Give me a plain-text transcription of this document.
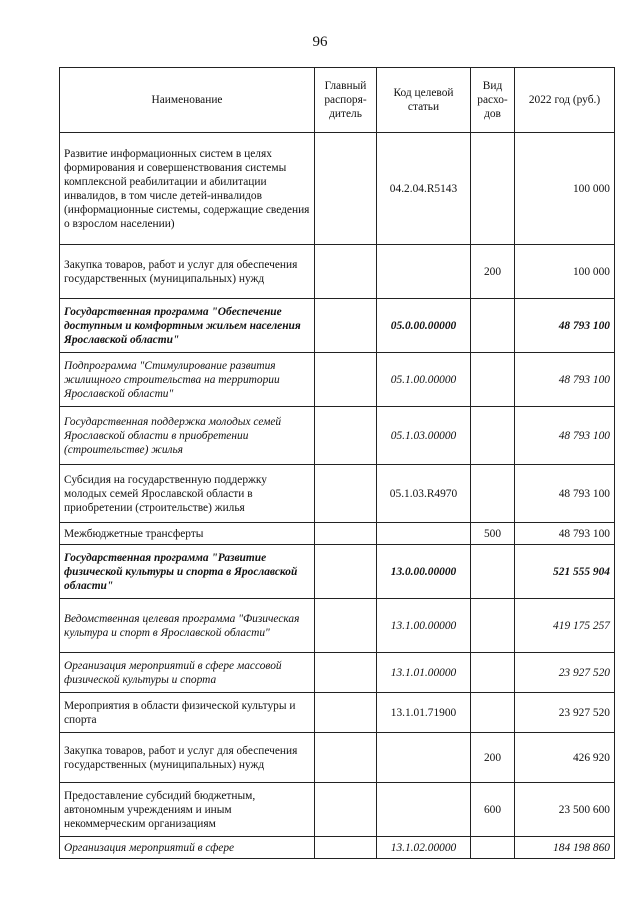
96
Наименование	Главный распоря-дитель	Код целевой статьи	Вид расхо-дов	2022 год (руб.)
Развитие информационных систем в целях формирования и совершенствования системы комплексной реабилитации и абилитации инвалидов, в том числе детей-инвалидов (информационные системы, содержащие сведения о взрослом населении)		04.2.04.R5143		100 000
Закупка товаров, работ и услуг для обеспечения государственных (муниципальных) нужд			200	100 000
Государственная программа "Обеспечение доступным и комфортным жильем населения Ярославской области"		05.0.00.00000		48 793 100
Подпрограмма "Стимулирование развития жилищного строительства на территории Ярославской области"		05.1.00.00000		48 793 100
Государственная поддержка молодых семей Ярославской области в приобретении (строительстве) жилья		05.1.03.00000		48 793 100
Субсидия на государственную поддержку молодых семей Ярославской области в приобретении (строительстве) жилья		05.1.03.R4970		48 793 100
Межбюджетные трансферты			500	48 793 100
Государственная программа "Развитие физической культуры и спорта в Ярославской области"		13.0.00.00000		521 555 904
Ведомственная целевая программа "Физическая культура и спорт в Ярославской области"		13.1.00.00000		419 175 257
Организация мероприятий в сфере массовой физической культуры и спорта		13.1.01.00000		23 927 520
Мероприятия в области физической культуры и спорта		13.1.01.71900		23 927 520
Закупка товаров, работ и услуг для обеспечения государственных (муниципальных) нужд			200	426 920
Предоставление субсидий бюджетным, автономным учреждениям и иным некоммерческим организациям			600	23 500 600
Организация мероприятий в сфере		13.1.02.00000		184 198 860
